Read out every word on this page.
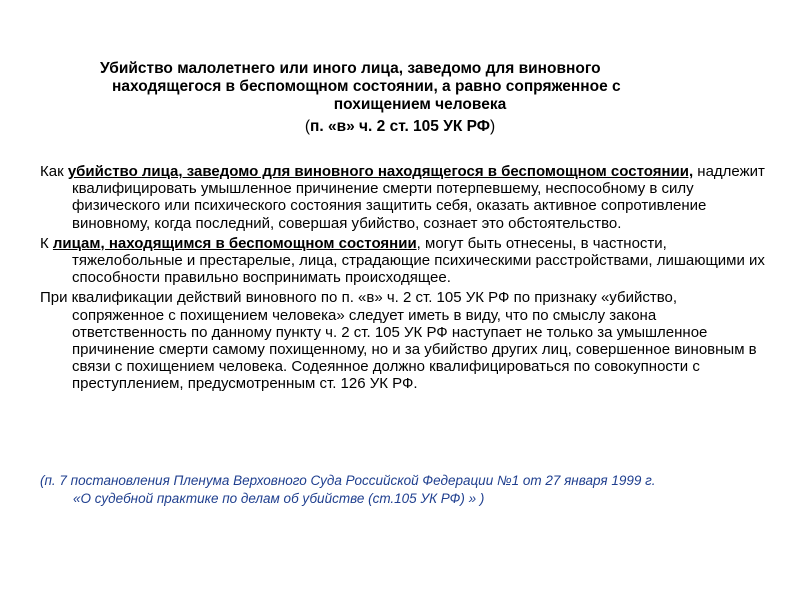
Убийство малолетнего или иного лица, заведомо для виновного
находящегося в беспомощном состоянии, а равно сопряженное с
похищением человека
(п. «в» ч. 2 ст. 105 УК РФ)

Как убийство лица, заведомо для виновного находящегося в беспомощном состоянии, надлежит квалифицировать умышленное причинение смерти потерпевшему, неспособному в силу физического или психического состояния защитить себя, оказать активное сопротивление виновному, когда последний, совершая убийство, сознает это обстоятельство.

К лицам, находящимся в беспомощном состоянии, могут быть отнесены, в частности, тяжелобольные и престарелые, лица, страдающие психическими расстройствами, лишающими их способности правильно воспринимать происходящее.

При квалификации действий виновного по п. «в» ч. 2 ст. 105 УК РФ по признаку «убийство, сопряженное с похищением человека» следует иметь в виду, что по смыслу закона ответственность по данному пункту ч. 2 ст. 105 УК РФ наступает не только за умышленное причинение смерти самому похищенному, но и за убийство других лиц, совершенное виновным в связи с похищением человека. Содеянное должно квалифицироваться по совокупности с преступлением, предусмотренным ст. 126 УК РФ.

(п. 7 постановления Пленума Верховного Суда Российской Федерации №1 от 27 января 1999 г.
«О судебной практике по делам об убийстве (ст.105 УК РФ) » )
